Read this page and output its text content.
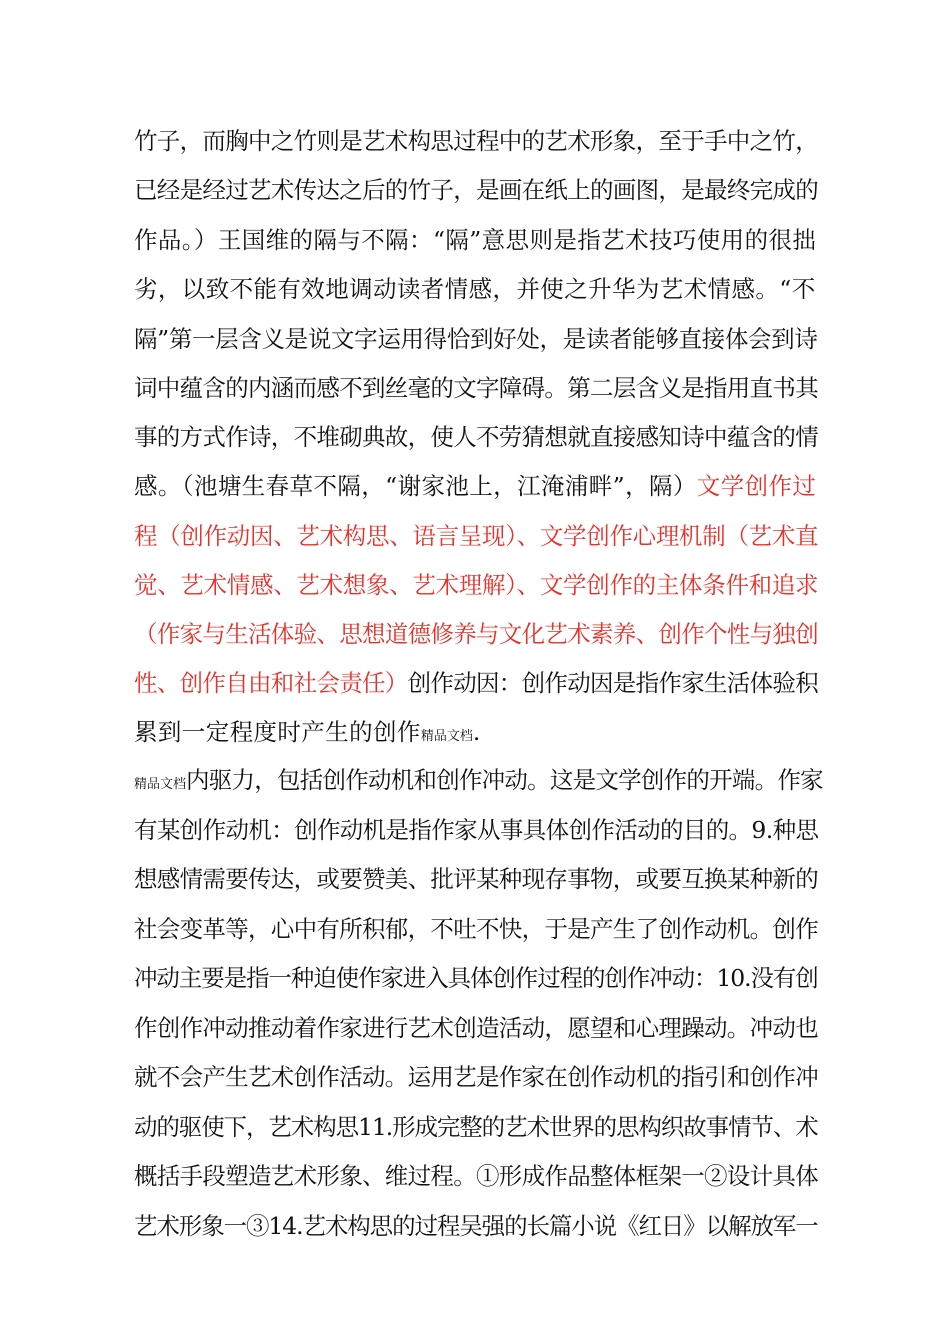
竹子，而胸中之竹则是艺术构思过程中的艺术形象，至于手中之竹，
已经是经过艺术传达之后的竹子，是画在纸上的画图，是最终完成的
作品。）王国维的隔与不隔：“隔”意思则是指艺术技巧使用的很拙
劣，以致不能有效地调动读者情感，并使之升华为艺术情感。“不
隔”第一层含义是说文字运用得恰到好处，是读者能够直接体会到诗
词中蕴含的内涵而感不到丝毫的文字障碍。第二层含义是指用直书其
事的方式作诗，不堆砌典故，使人不劳猜想就直接感知诗中蕴含的情
感。（池塘生春草不隔，“谢家池上，江淹浦畔”，隔）文学创作过
程（创作动因、艺术构思、语言呈现）、文学创作心理机制（艺术直
觉、艺术情感、艺术想象、艺术理解）、文学创作的主体条件和追求
（作家与生活体验、思想道德修养与文化艺术素养、创作个性与独创
性、创作自由和社会责任）创作动因：创作动因是指作家生活体验积
累到一定程度时产生的创作精品文档.
精品文档内驱力，包括创作动机和创作冲动。这是文学创作的开端。作家
有某创作动机：创作动机是指作家从事具体创作活动的目的。9.种思
想感情需要传达，或要赞美、批评某种现存事物，或要互换某种新的
社会变革等，心中有所积郁，不吐不快，于是产生了创作动机。创作
冲动主要是指一种迫使作家进入具体创作过程的创作冲动：10.没有创
作创作冲动推动着作家进行艺术创造活动，愿望和心理躁动。冲动也
就不会产生艺术创作活动。运用艺是作家在创作动机的指引和创作冲
动的驱使下，艺术构思11.形成完整的艺术世界的思构织故事情节、术
概括手段塑造艺术形象、维过程。①形成作品整体框架一②设计具体
艺术形象一③14.艺术构思的过程吴强的长篇小说《红日》以解放军一
